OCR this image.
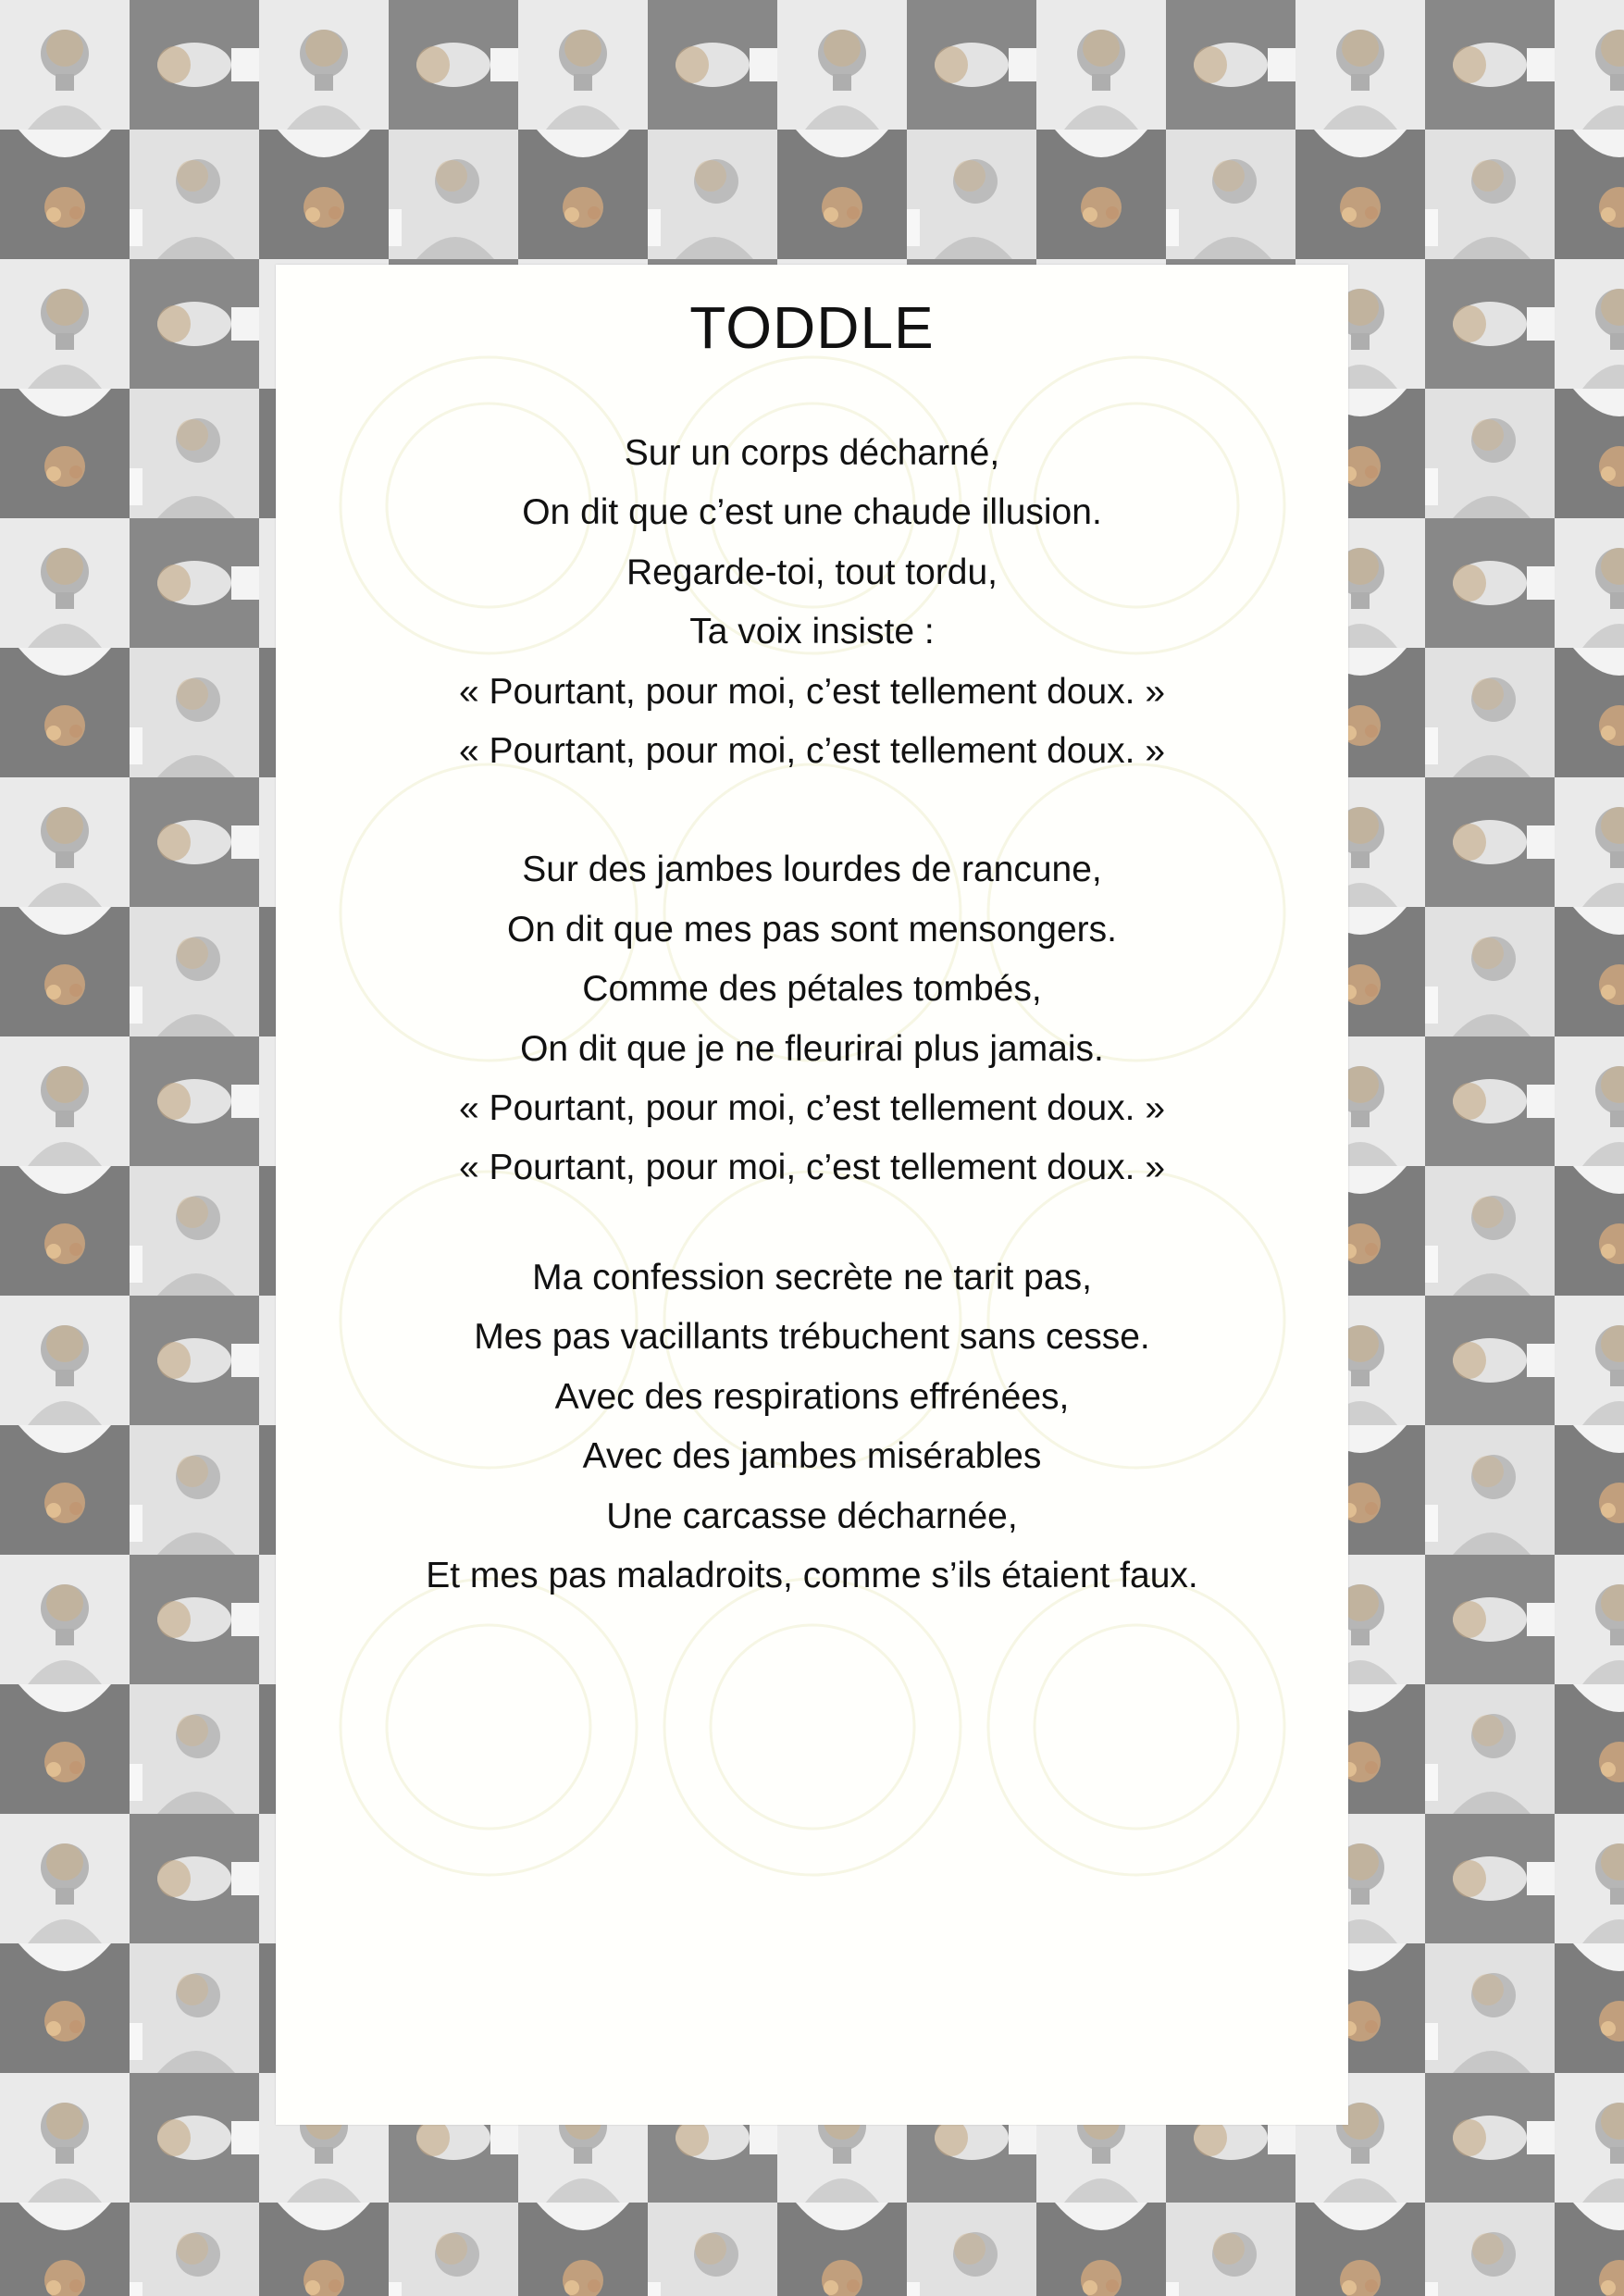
TODDLE
Sur un corps décharné,
On dit que c’est une chaude illusion.
Regarde-toi, tout tordu,
Ta voix insiste :
« Pourtant, pour moi, c’est tellement doux. »
« Pourtant, pour moi, c’est tellement doux. »
Sur des jambes lourdes de rancune,
On dit que mes pas sont mensongers.
Comme des pétales tombés,
On dit que je ne fleurirai plus jamais.
« Pourtant, pour moi, c’est tellement doux. »
« Pourtant, pour moi, c’est tellement doux. »
Ma confession secrète ne tarit pas,
Mes pas vacillants trébuchent sans cesse.
Avec des respirations effrénées,
Avec des jambes misérables
Une carcasse décharnée,
Et mes pas maladroits, comme s’ils étaient faux.
